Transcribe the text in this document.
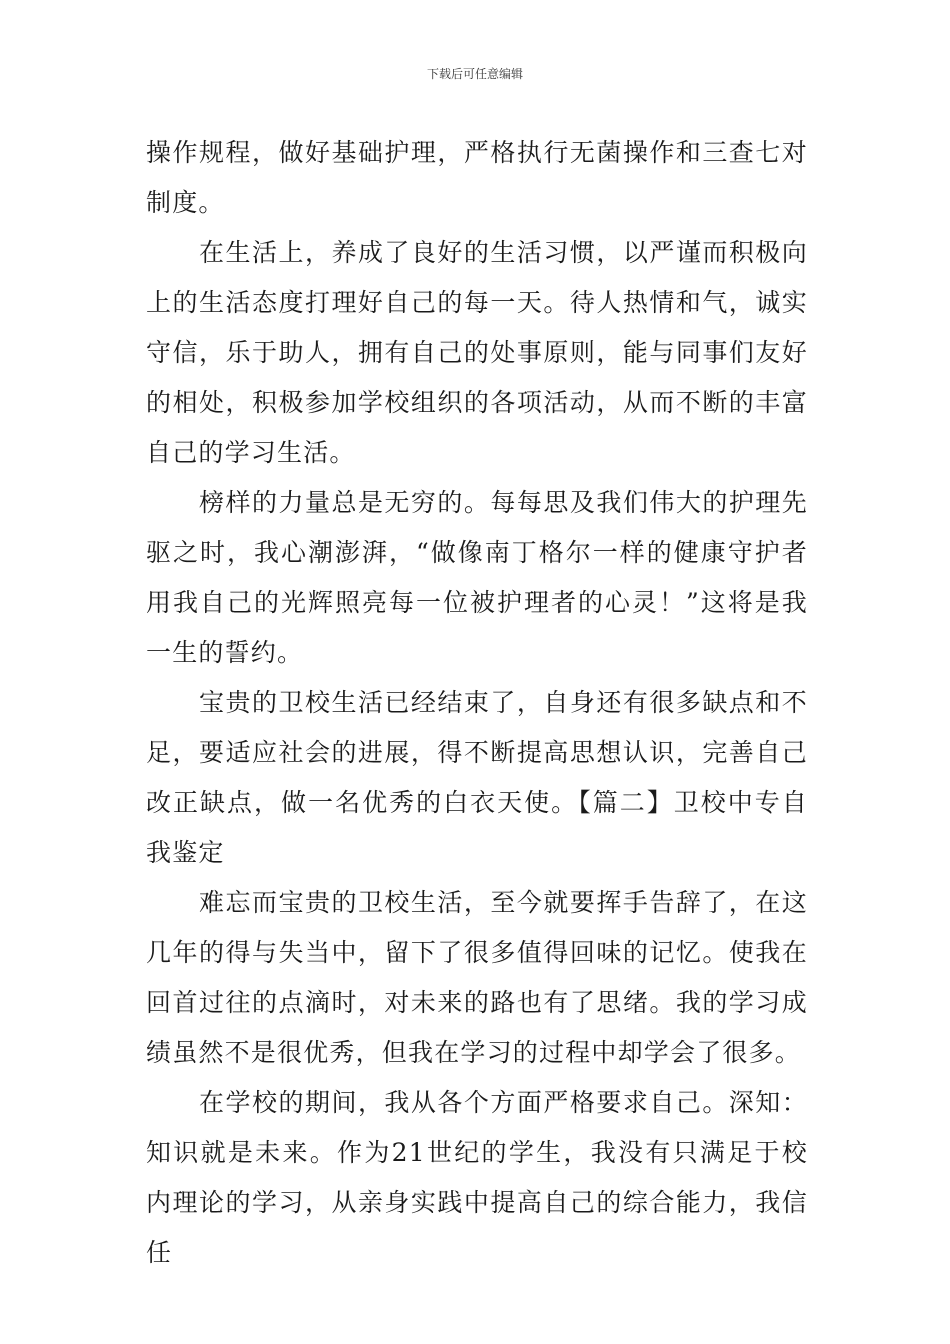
下载后可任意编辑

操作规程，做好基础护理，严格执行无菌操作和三查七对制度。

在生活上，养成了良好的生活习惯，以严谨而积极向上的生活态度打理好自己的每一天。待人热情和气，诚实守信，乐于助人，拥有自己的处事原则，能与同事们友好的相处，积极参加学校组织的各项活动，从而不断的丰富自己的学习生活。

榜样的力量总是无穷的。每每思及我们伟大的护理先驱之时，我心潮澎湃，“做像南丁格尔一样的健康守护者用我自己的光辉照亮每一位被护理者的心灵！”这将是我一生的誓约。

宝贵的卫校生活已经结束了，自身还有很多缺点和不足，要适应社会的进展，得不断提高思想认识，完善自己改正缺点，做一名优秀的白衣天使。【篇二】卫校中专自我鉴定

难忘而宝贵的卫校生活，至今就要挥手告辞了，在这几年的得与失当中，留下了很多值得回味的记忆。使我在回首过往的点滴时，对未来的路也有了思绪。我的学习成绩虽然不是很优秀，但我在学习的过程中却学会了很多。

在学校的期间，我从各个方面严格要求自己。深知：知识就是未来。作为21世纪的学生，我没有只满足于校内理论的学习，从亲身实践中提高自己的综合能力，我信任
